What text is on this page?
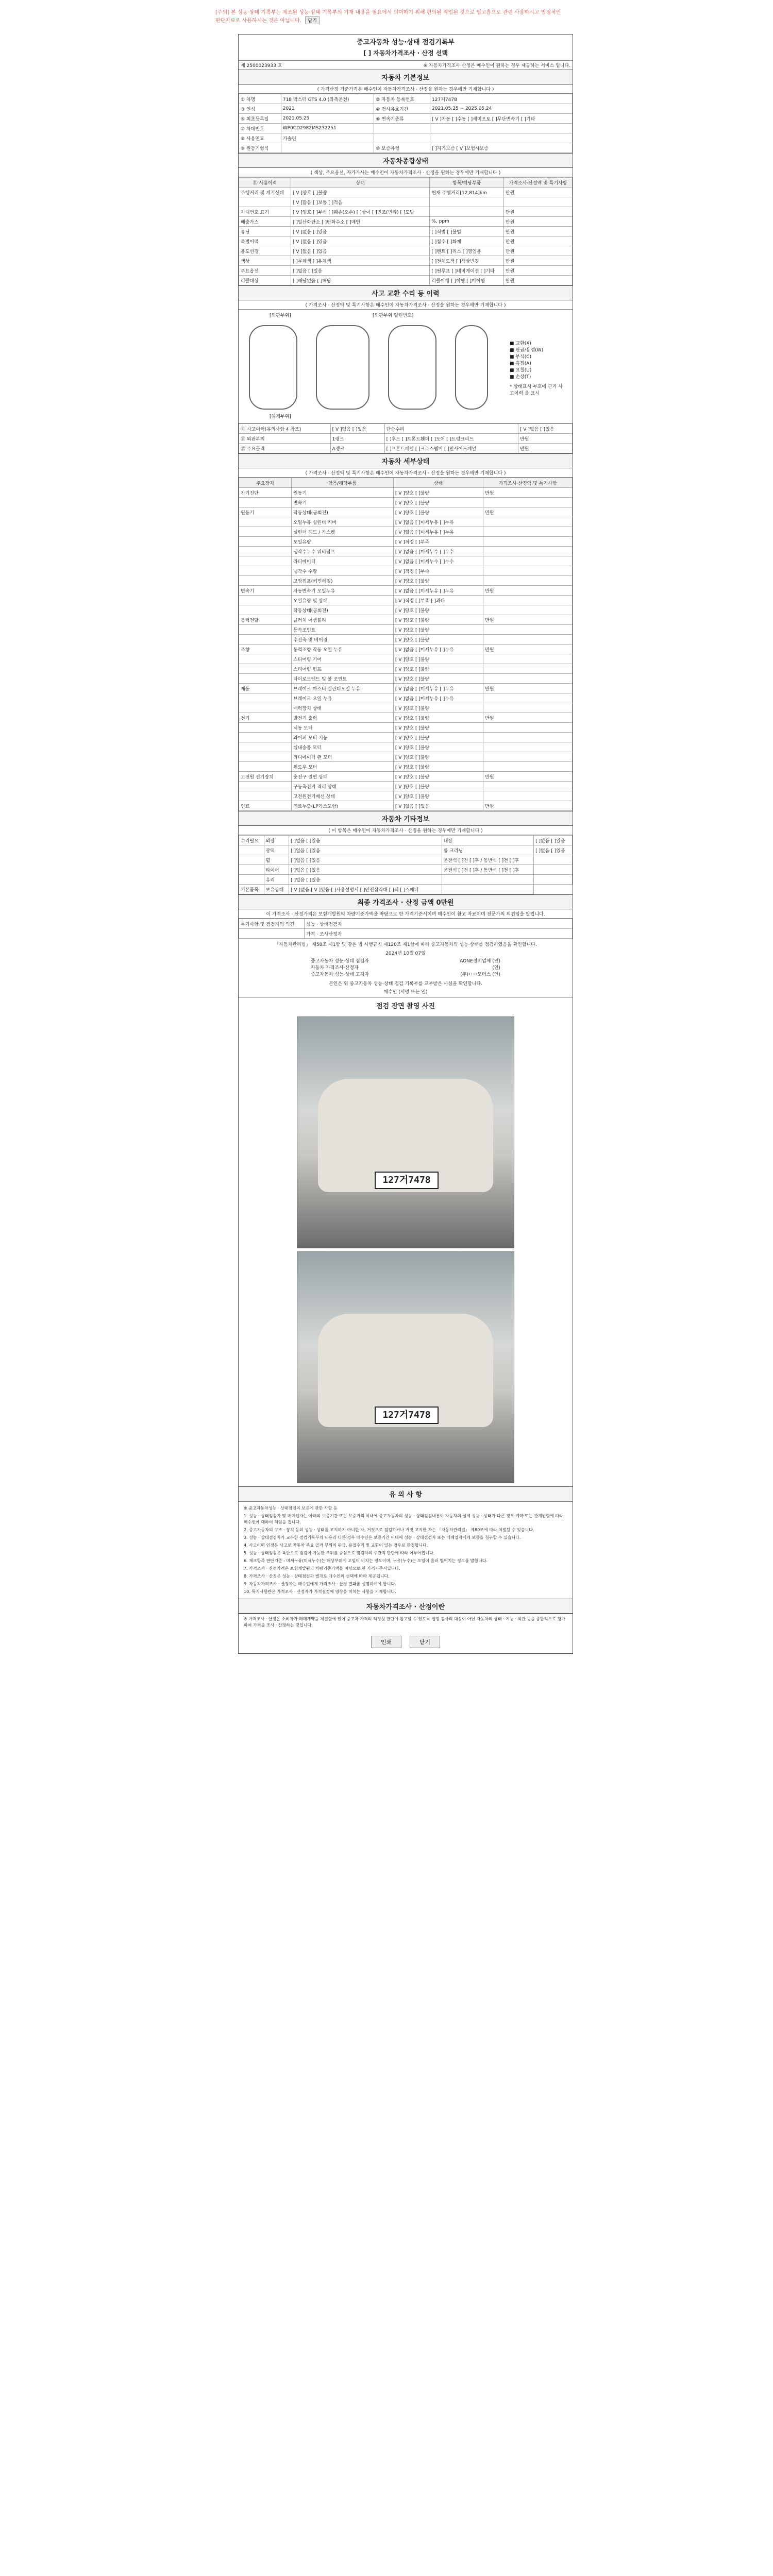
[주의] 본 성능·상태 기록부는 제조된 성능·상태 기록부의 기재 내용을 필요에서 의미하기 위해 편의된 작업된 것으로 법고흡으로 관련 사용하시고 법정처인 판단자료로 사용하시는 것은 아닙니다. 닫기
중고자동차 성능·상태 점검기록부
[ ] 자동차가격조사 · 산정 선택
제 2500023933 호	※ 자동차가격조사·산정은 매수인이 원하는 경우 제공하는 서비스 입니다.
자동차 기본정보
( 가격산정 기준가격은 매수인이 자동차가격조사 · 산정을 원하는 경우에만 기재합니다 )
① 차명	718 박스터 GTS 4.0 (좌측운전)	② 자동차 등록번호	127거7478
③ 연식	2021	④ 검사유효기간	2021.05.25 ~ 2025.05.24
⑤ 최초등록일	2021.05.25	⑥ 변속기종류	[ V ]자동 [ ]수동 [ ]세미오토 [ ]무단변속기 [ ]기타
⑦ 차대번호	WP0CD2982MS232251		
⑧ 사용연료	가솔린		
⑨ 원동기형식		⑩ 보증유형	[ ]자가보증 [ V ]보험사보증
자동차종합상태
( 색상, 주요옵션, 자가가사는 매수인이 자동차가격조사 · 산정을 원하는 경우에만 기재합니다 )
⑪ 사용이력	상태	항목/해당부품	가격조사·산정액 및 특기사항
주행거리 및 계기상태	[ V ]양호 [ ]불량	현재 주행거리[12,814]km	만원
	[ V ]많음 [ ]보통 [ ]적음		
차대번호 표기	[ V ]양호 [ ]부식 [ ]훼손(오손) [ ]상이 [ ]변조(변타) [ ]도말		만원
배출가스	[ ]일산화탄소 [ ]탄화수소 [ ]매연	%, ppm	만원
튜닝	[ V ]없음 [ ]있음	[ ]적법 [ ]불법	만원
특별이력	[ V ]없음 [ ]있음	[ ]침수 [ ]화재	만원
용도변경	[ V ]없음 [ ]있음	[ ]렌트 [ ]리스 [ ]영업용	만원
색상	[ ]무채색 [ ]유채색	[ ]전체도색 [ ]색상변경	만원
주요옵션	[ ]없음 [ ]있음	[ ]썬루프 [ ]네비게이션 [ ]기타	만원
리콜대상	[ ]해당없음 [ ]해당	리콜이행 [ ]이행 [ ]미이행	만원
사고 교환 수리 등 이력
( 가격조사 · 산정액 및 특기사항은 매수인이 자동차가격조사 · 산정을 원하는 경우에만 기재합니다 )
[외판부위]	[외판부위 일련번호]
[하체부위]
■ 교환(X)
■ 판금/용접(W)
■ 부식(C)
■ 흠집(A)
■ 요철(U)
■ 손상(T)
* 상태표시 부호에 근거 사고이력 을 표시
⑬ 사고이력(유의사항 4 참조)	[ V ]없음 [ ]있음	단순수리	[ V ]없음 [ ]있음
⑭ 외판부위	1랭크	[ ]후드 [ ]프론트휀더 [ ]도어 [ ]트렁크리드	만원
⑮ 주요골격	A랭크	[ ]프론트패널 [ ]크로스멤버 [ ]인사이드패널	만원
자동차 세부상태
( 가격조사 · 산정액 및 특기사항은 매수인이 자동차가격조사 · 산정을 원하는 경우에만 기재합니다 )
주요장치	항목/해당부품	상태	가격조사·산정액 및 특기사항
자기진단	원동기	[ V ]양호 [ ]불량	만원
	변속기	[ V ]양호 [ ]불량	
원동기	작동상태(공회전)	[ V ]양호 [ ]불량	만원
	오일누유 실린더 커버	[ V ]없음 [ ]미세누유 [ ]누유	
	실린더 헤드 / 가스켓	[ V ]없음 [ ]미세누유 [ ]누유	
	오일유량	[ V ]적정 [ ]부족	
	냉각수누수 워터펌프	[ V ]없음 [ ]미세누수 [ ]누수	
	라디에이터	[ V ]없음 [ ]미세누수 [ ]누수	
	냉각수 수량	[ V ]적정 [ ]부족	
	고압펌프(커먼레일)	[ V ]양호 [ ]불량	
변속기	자동변속기 오일누유	[ V ]없음 [ ]미세누유 [ ]누유	만원
	오일유량 및 상태	[ V ]적정 [ ]부족 [ ]과다	
	작동상태(공회전)	[ V ]양호 [ ]불량	
동력전달	클러치 어셈블리	[ V ]양호 [ ]불량	만원
	등속조인트	[ V ]양호 [ ]불량	
	추진축 및 베어링	[ V ]양호 [ ]불량	
조향	동력조향 작동 오일 누유	[ V ]없음 [ ]미세누유 [ ]누유	만원
	스티어링 기어	[ V ]양호 [ ]불량	
	스티어링 펌프	[ V ]양호 [ ]불량	
	타이로드엔드 및 볼 조인트	[ V ]양호 [ ]불량	
제동	브레이크 마스터 실린더오일 누유	[ V ]없음 [ ]미세누유 [ ]누유	만원
	브레이크 오일 누유	[ V ]없음 [ ]미세누유 [ ]누유	
	배력장치 상태	[ V ]양호 [ ]불량	
전기	발전기 출력	[ V ]양호 [ ]불량	만원
	시동 모터	[ V ]양호 [ ]불량	
	와이퍼 모터 기능	[ V ]양호 [ ]불량	
	실내송풍 모터	[ V ]양호 [ ]불량	
	라디에이터 팬 모터	[ V ]양호 [ ]불량	
	윈도우 모터	[ V ]양호 [ ]불량	
고전원 전기장치	충전구 절연 상태	[ V ]양호 [ ]불량	만원
	구동축전지 격리 상태	[ V ]양호 [ ]불량	
	고전원전기배선 상태	[ V ]양호 [ ]불량	
연료	연료누출(LP가스포함)	[ V ]없음 [ ]있음	만원
자동차 기타정보
( 이 항목은 매수인이 자동차가격조사 · 산정을 원하는 경우에만 기재합니다 )
수리필요	외장	[ ]없음 [ ]있음	내장	[ ]없음 [ ]있음
	광택	[ ]없음 [ ]있음	룸 크리닝	[ ]없음 [ ]있음
	휠	[ ]없음 [ ]있음	운전석 [ ]전 [ ]후 / 동반석 [ ]전 [ ]후	
	타이어	[ ]없음 [ ]있음	운전석 [ ]전 [ ]후 / 동반석 [ ]전 [ ]후	
	유리	[ ]없음 [ ]있음		
기본품목	보유상태	[ V ]없음 [ V ]있음 [ ]사용설명서 [ ]안전삼각대 [ ]잭 [ ]스패너		
최종 가격조사 · 산정 금액 0만원
이 가격조사 · 산정가격은 보험개발원의 차량기준가액을 바탕으로 한 가격기준서이며 매수인이 참고 자료이며 전문가의 의견임을 알립니다.
특기사항 및 점검자의 의견	성능 · 상태점검자
	가격 · 조사산정자
「자동차관리법」 제58조 제1항 및 같은 법 시행규칙 제120조 제1항에 따라 중고자동차의 성능·상태를 점검하였음을 확인합니다.
2024년 10월 07일
중고자동차 성능·상태 점검자	AONE정비업체 (인)
자동차 가격조사·산정자	(인)
중고자동차 성능·상태 고지자	(주)ㅁㅁ모터스 (인)
본인은 위 중고자동차 성능·상태 점검 기록부를 교부받은 사실을 확인합니다.
매수인 (서명 또는 인)
점검 장면 촬영 사진
127거7478
127거7478
유 의 사 항

※ 중고자동차성능 · 상태점검의 보증에 관한 사항 등

1. 성능 · 상태점검자 및 매매업자는 아래의 보증기간 또는 보증거리 이내에 중고자동차의 성능 · 상태점검내용이 자동차의 실제 성능 · 상태가 다른 경우 계약 또는 관계법령에 따라 매수인에 대하여 책임을 집니다.

2. 중고자동차의 구조 · 장치 등의 성능 · 상태를 고지하지 아니한 자, 거짓으로 점검하거나 거짓 고지한 자는 「자동차관리법」 제80조에 따라 처벌될 수 있습니다.

3. 성능 · 상태점검자가 교부한 점검기록부의 내용과 다른 경우 매수인은 보증기간 이내에 성능 · 상태점검자 또는 매매업자에게 보증을 청구할 수 있습니다.

4. 사고이력 인정은 사고로 자동차 주요 골격 부위의 판금, 용접수리 및 교환이 있는 경우로 한정합니다.

5. 성능 · 상태점검은 육안으로 점검이 가능한 부위를 중심으로 점검자의 주관적 판단에 따라 이루어집니다.

6. 체크항목 판단기준 : 미세누유(미세누수)는 해당부위에 오일이 비치는 정도이며, 누유(누수)는 오일이 흘러 떨어지는 정도를 말합니다.

7. 가격조사 · 산정가격은 보험개발원의 차량기준가액을 바탕으로 한 가격기준서입니다.

8. 가격조사 · 산정은 성능 · 상태점검과 별개로 매수인의 선택에 따라 제공됩니다.

9. 자동차가격조사 · 산정자는 매수인에게 가격조사 · 산정 결과를 설명하여야 합니다.

10. 특기사항란은 가격조사 · 산정자가 가격결정에 영향을 미치는 사항을 기재합니다.

자동차가격조사 · 산정이란
※ 가격조사 · 산정은 소비자가 매매계약을 체결함에 있어 중고차 가격의 적정성 판단에 참고할 수 있도록 법정 검사의 대상이 아닌 자동차의 상태 · 기능 · 외관 등을 종합적으로 평가하여 가격을 조사 · 산정하는 것입니다.
인쇄	닫기
